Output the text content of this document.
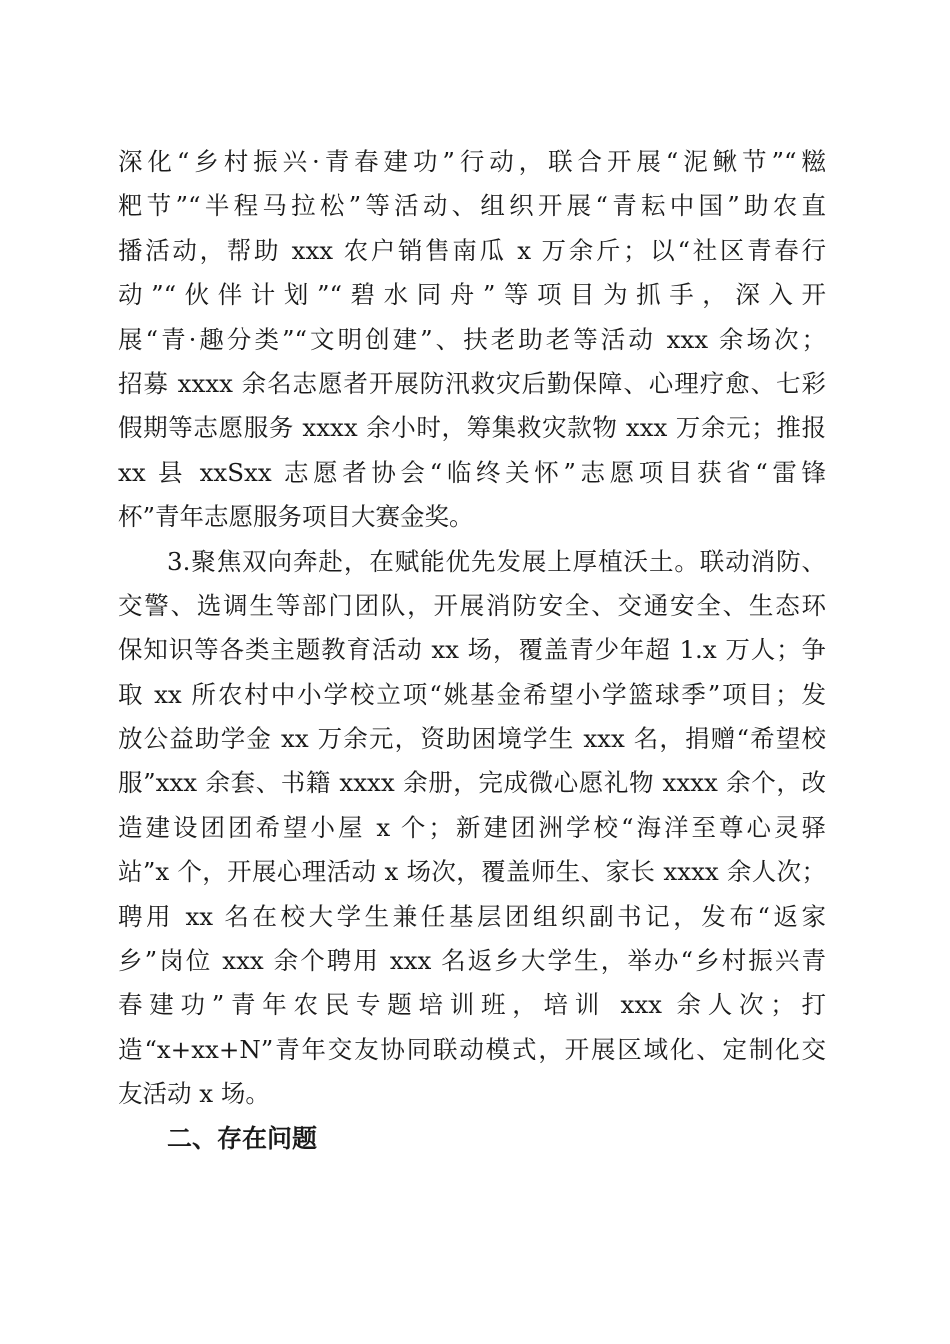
深化“乡村振兴·青春建功”行动，联合开展“泥鳅节”“糍
粑节”“半程马拉松”等活动、组织开展“青耘中国”助农直
播活动，帮助 xxx 农户销售南瓜 x 万余斤；以“社区青春行
动”“伙伴计划”“碧水同舟”等项目为抓手，深入开
展“青·趣分类”“文明创建”、扶老助老等活动 xxx 余场次；
招募 xxxx 余名志愿者开展防汛救灾后勤保障、心理疗愈、七彩
假期等志愿服务 xxxx 余小时，筹集救灾款物 xxx 万余元；推报
xx 县 xxSxx 志愿者协会“临终关怀”志愿项目获省“雷锋
杯”青年志愿服务项目大赛金奖。
3.聚焦双向奔赴，在赋能优先发展上厚植沃土。联动消防、
交警、选调生等部门团队，开展消防安全、交通安全、生态环
保知识等各类主题教育活动 xx 场，覆盖青少年超 1.x 万人；争
取 xx 所农村中小学校立项“姚基金希望小学篮球季”项目；发
放公益助学金 xx 万余元，资助困境学生 xxx 名，捐赠“希望校
服”xxx 余套、书籍 xxxx 余册，完成微心愿礼物 xxxx 余个，改
造建设团团希望小屋 x 个；新建团洲学校“海洋至尊心灵驿
站”x 个，开展心理活动 x 场次，覆盖师生、家长 xxxx 余人次；
聘用 xx 名在校大学生兼任基层团组织副书记，发布“返家
乡”岗位 xxx 余个聘用 xxx 名返乡大学生，举办“乡村振兴青
春建功”青年农民专题培训班，培训 xxx 余人次；打
造“x+xx+N”青年交友协同联动模式，开展区域化、定制化交
友活动 x 场。
二、存在问题
